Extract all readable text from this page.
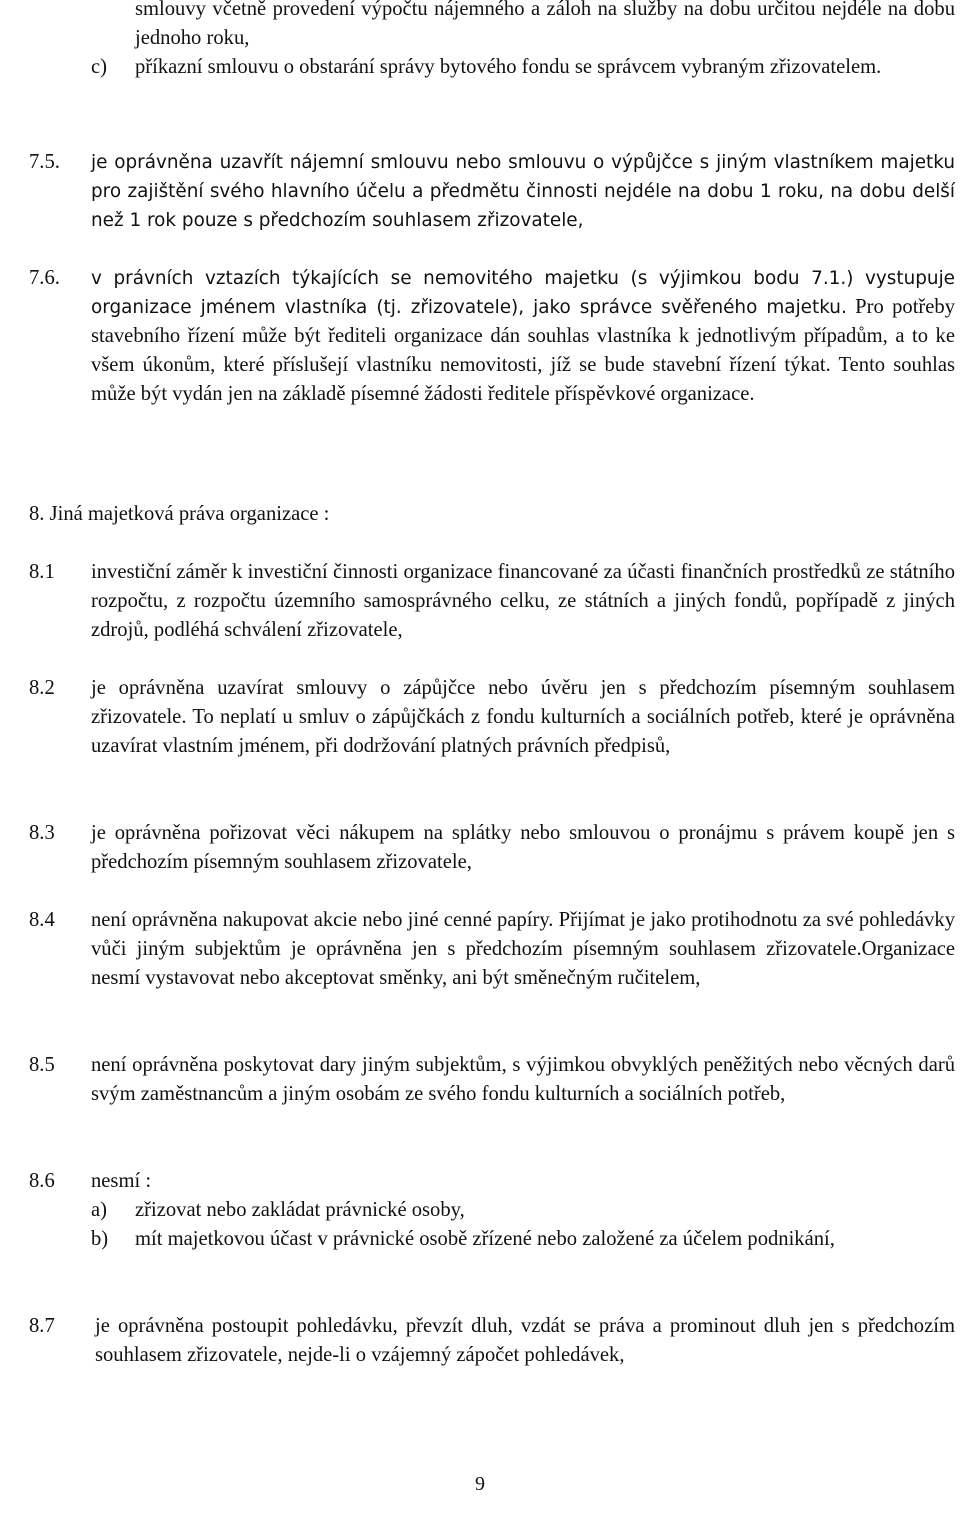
smlouvy včetně provedení výpočtu nájemného a záloh na služby na dobu určitou nejdéle na dobu jednoho roku,
c) příkazní smlouvu o obstarání správy bytového fondu se správcem vybraným zřizovatelem.
7.5. je oprávněna uzavřít nájemní smlouvu nebo smlouvu o výpůjčce s jiným vlastníkem majetku pro zajištění svého hlavního účelu a předmětu činnosti nejdéle na dobu 1 roku, na dobu delší než 1 rok pouze s předchozím souhlasem zřizovatele,
7.6. v právních vztazích týkajících se nemovitého majetku (s výjimkou bodu 7.1.) vystupuje organizace jménem vlastníka (tj. zřizovatele), jako správce svěřeného majetku. Pro potřeby stavebního řízení může být řediteli organizace dán souhlas vlastníka k jednotlivým případům, a to ke všem úkonům, které příslušejí vlastníku nemovitosti, jíž se bude stavební řízení týkat. Tento souhlas může být vydán jen na základě písemné žádosti ředitele příspěvkové organizace.
8. Jiná majetková práva organizace :
8.1 investiční záměr k investiční činnosti organizace financované za účasti finančních prostředků ze státního rozpočtu, z rozpočtu územního samosprávného celku, ze státních a jiných fondů, popřípadě z jiných zdrojů, podléhá schválení zřizovatele,
8.2 je oprávněna uzavírat smlouvy o zápůjčce nebo úvěru jen s předchozím písemným souhlasem zřizovatele. To neplatí u smluv o zápůjčkách z fondu kulturních a sociálních potřeb, které je oprávněna uzavírat vlastním jménem, při dodržování platných právních předpisů,
8.3 je oprávněna pořizovat věci nákupem na splátky nebo smlouvou o pronájmu s právem koupě jen s předchozím písemným souhlasem zřizovatele,
8.4 není oprávněna nakupovat akcie nebo jiné cenné papíry. Přijímat je jako protihodnotu za své pohledávky vůči jiným subjektům je oprávněna jen s předchozím písemným souhlasem zřizovatele.Organizace nesmí vystavovat nebo akceptovat směnky, ani být směnečným ručitelem,
8.5 není oprávněna poskytovat dary jiným subjektům, s výjimkou obvyklých peněžitých nebo věcných darů svým zaměstnancům a jiným osobám ze svého fondu kulturních a sociálních potřeb,
8.6 nesmí :
a) zřizovat nebo zakládat právnické osoby,
b) mít majetkovou účast v právnické osobě zřízené nebo založené za účelem podnikání,
8.7 je oprávněna postoupit pohledávku, převzít dluh, vzdát se práva a prominout dluh jen s předchozím souhlasem zřizovatele, nejde-li o vzájemný zápočet pohledávek,
9
